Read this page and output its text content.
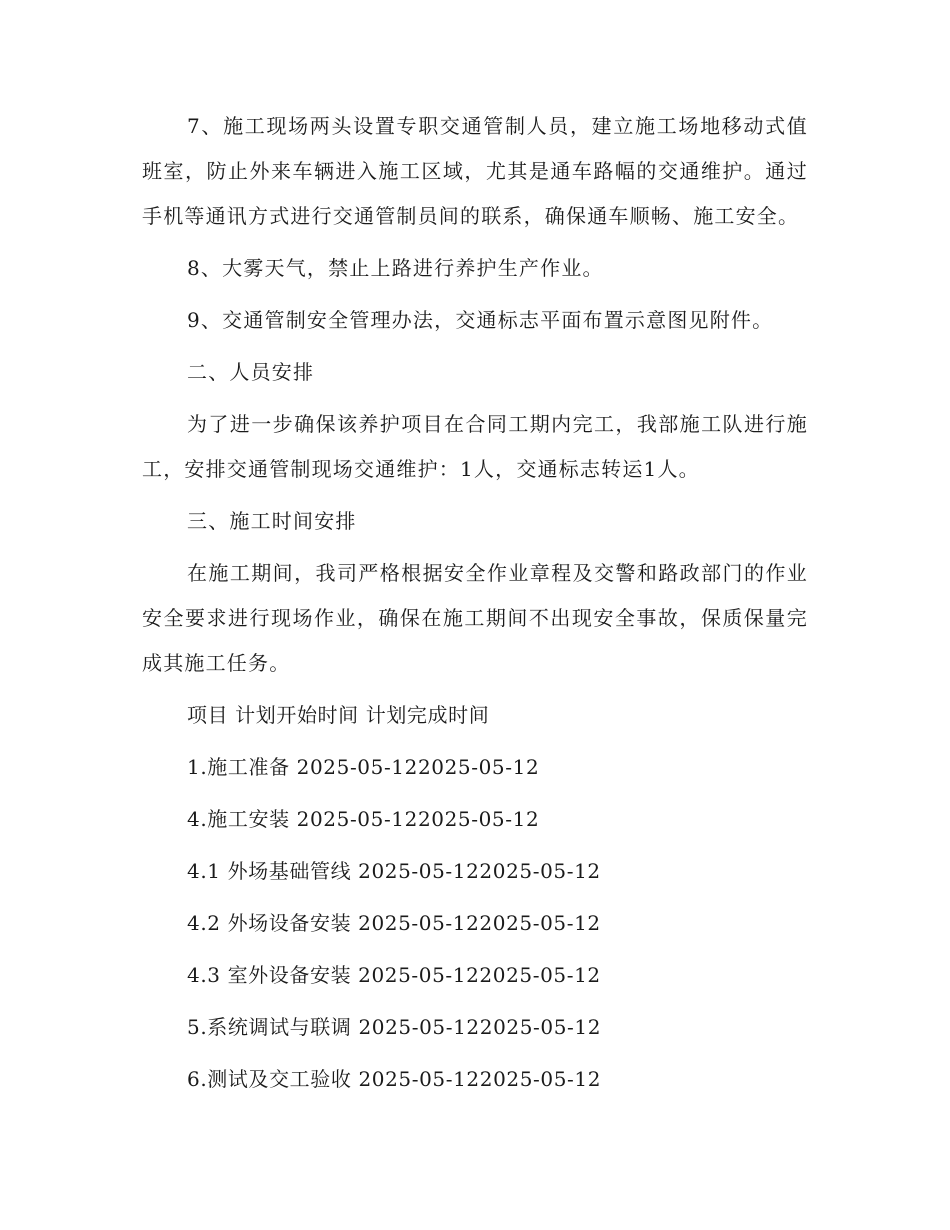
7、施工现场两头设置专职交通管制人员，建立施工场地移动式值班室，防止外来车辆进入施工区域，尤其是通车路幅的交通维护。通过手机等通讯方式进行交通管制员间的联系，确保通车顺畅、施工安全。

8、大雾天气，禁止上路进行养护生产作业。

9、交通管制安全管理办法，交通标志平面布置示意图见附件。

二、人员安排

为了进一步确保该养护项目在合同工期内完工，我部施工队进行施工，安排交通管制现场交通维护：1人，交通标志转运1人。

三、施工时间安排

在施工期间，我司严格根据安全作业章程及交警和路政部门的作业安全要求进行现场作业，确保在施工期间不出现安全事故，保质保量完成其施工任务。

项目 计划开始时间 计划完成时间

1.施工准备 2025-05-122025-05-12

4.施工安装 2025-05-122025-05-12

4.1 外场基础管线 2025-05-122025-05-12

4.2 外场设备安装 2025-05-122025-05-12

4.3 室外设备安装 2025-05-122025-05-12

5.系统调试与联调 2025-05-122025-05-12

6.测试及交工验收 2025-05-122025-05-12
